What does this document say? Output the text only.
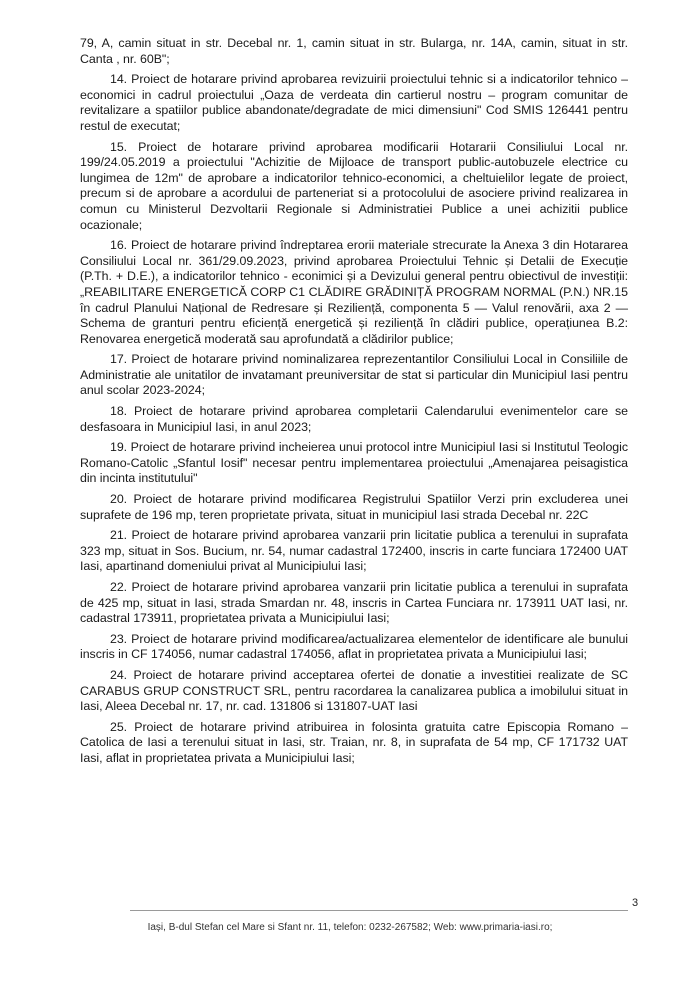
79, A, camin situat in str. Decebal nr. 1, camin situat in str. Bularga, nr. 14A, camin, situat in str. Canta , nr. 60B";

14. Proiect de hotarare privind aprobarea revizuirii proiectului tehnic si a indicatorilor tehnico – economici in cadrul proiectului „Oaza de verdeata din cartierul nostru – program comunitar de revitalizare a spatiilor publice abandonate/degradate de mici dimensiuni" Cod SMIS 126441 pentru restul de executat;

15. Proiect de hotarare privind aprobarea modificarii Hotararii Consiliului Local nr. 199/24.05.2019 a proiectului "Achizitie de Mijloace de transport public-autobuzele electrice cu lungimea de 12m" de aprobare a indicatorilor tehnico-economici, a cheltuielilor legate de proiect, precum si de aprobare a acordului de parteneriat si a protocolului de asociere privind realizarea in comun cu Ministerul Dezvoltarii Regionale si Administratiei Publice a unei achizitii publice ocazionale;

16. Proiect de hotarare privind îndreptarea erorii materiale strecurate la Anexa 3 din Hotararea Consiliului Local nr. 361/29.09.2023, privind aprobarea Proiectului Tehnic și Detalii de Execuție (P.Th. + D.E.), a indicatorilor tehnico - econimici și a Devizului general pentru obiectivul de investiții: „REABILITARE ENERGETICĂ CORP C1 CLĂDIRE GRĂDINIȚĂ PROGRAM NORMAL (P.N.) NR.15 în cadrul Planului Național de Redresare și Reziliență, componenta 5 — Valul renovării, axa 2 — Schema de granturi pentru eficiență energetică și reziliență în clădiri publice, operațiunea B.2: Renovarea energetică moderată sau aprofundată a clădirilor publice;

17. Proiect de hotarare privind nominalizarea reprezentantilor Consiliului Local in Consiliile de Administratie ale unitatilor de invatamant preuniversitar de stat si particular din Municipiul Iasi pentru anul scolar 2023-2024;

18. Proiect de hotarare privind aprobarea completarii Calendarului evenimentelor care se desfasoara in Municipiul Iasi, in anul 2023;

19. Proiect de hotarare privind incheierea unui protocol intre Municipiul Iasi si Institutul Teologic Romano-Catolic „Sfantul Iosif" necesar pentru implementarea proiectului „Amenajarea peisagistica din incinta institutului"

20. Proiect de hotarare privind modificarea Registrului Spatiilor Verzi prin excluderea unei suprafete de 196 mp, teren proprietate privata, situat in municipiul Iasi strada Decebal nr. 22C

21. Proiect de hotarare privind aprobarea vanzarii prin licitatie publica a terenului in suprafata 323 mp, situat in Sos. Bucium, nr. 54, numar cadastral 172400, inscris in carte funciara 172400 UAT Iasi, apartinand domeniului privat al Municipiului Iasi;

22. Proiect de hotarare privind aprobarea vanzarii prin licitatie publica a terenului in suprafata de 425 mp, situat in Iasi, strada Smardan nr. 48, inscris in Cartea Funciara nr. 173911 UAT Iasi, nr. cadastral 173911, proprietatea privata a Municipiului Iasi;

23. Proiect de hotarare privind modificarea/actualizarea elementelor de identificare ale bunului inscris in CF 174056, numar cadastral 174056, aflat in proprietatea privata a Municipiului Iasi;

24. Proiect de hotarare privind acceptarea ofertei de donatie a investitiei realizate de SC CARABUS GRUP CONSTRUCT SRL, pentru racordarea la canalizarea publica a imobilului situat in Iasi, Aleea Decebal nr. 17, nr. cad. 131806 si 131807-UAT Iasi

25. Proiect de hotarare privind atribuirea in folosinta gratuita catre Episcopia Romano – Catolica de Iasi a terenului situat in Iasi, str. Traian, nr. 8, in suprafata de 54 mp, CF 171732 UAT Iasi, aflat in proprietatea privata a Municipiului Iasi;

3
Iași, B-dul Stefan cel Mare si Sfant nr. 11, telefon: 0232-267582; Web: www.primaria-iasi.ro;
